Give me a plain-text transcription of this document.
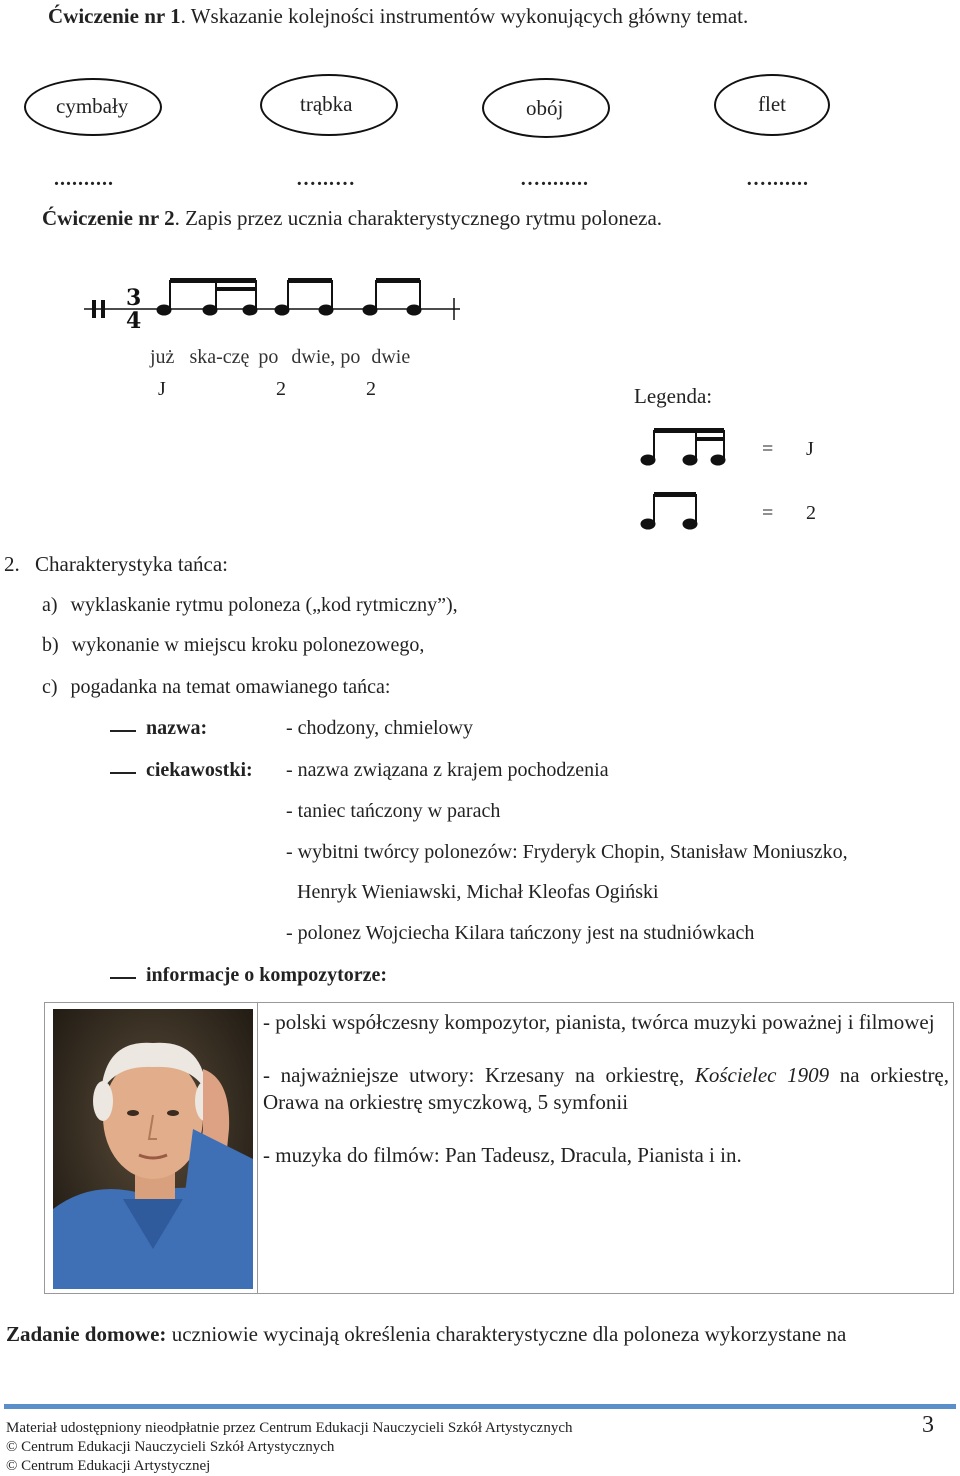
Ćwiczenie nr 1. Wskazanie kolejności instrumentów wykonujących główny temat.
cymbały	trąbka	obój	flet
..........	…...…	…........	….......
Ćwiczenie nr 2. Zapis przez ucznia charakterystycznego rytmu poloneza.
3
4
już ska-czę po dwie, po dwie
J	2	2	Legenda:
= J
= 2
2. Charakterystyka tańca:
a) wyklaskanie rytmu poloneza („kod rytmiczny”),
b) wykonanie w miejscu kroku polonezowego,
c) pogadanka na temat omawianego tańca:
nazwa:	- chodzony, chmielowy
ciekawostki: - nazwa związana z krajem pochodzenia
- taniec tańczony w parach
- wybitni twórcy polonezów: Fryderyk Chopin, Stanisław Moniuszko,
Henryk Wieniawski, Michał Kleofas Ogiński
- polonez Wojciecha Kilara tańczony jest na studniówkach
informacje o kompozytorze:

- polski współczesny kompozytor, pianista, twórca muzyki poważnej i filmowej

- najważniejsze utwory: Krzesany na orkiestrę, Kościelec 1909 na orkiestrę, Orawa na orkiestrę smyczkową, 5 symfonii

- muzyka do filmów: Pan Tadeusz, Dracula, Pianista i in.

Zadanie domowe: uczniowie wycinają określenia charakterystyczne dla poloneza wykorzystane na
Materiał udostępniony nieodpłatnie przez Centrum Edukacji Nauczycieli Szkół Artystycznych
© Centrum Edukacji Nauczycieli Szkół Artystycznych
© Centrum Edukacji Artystycznej
3
